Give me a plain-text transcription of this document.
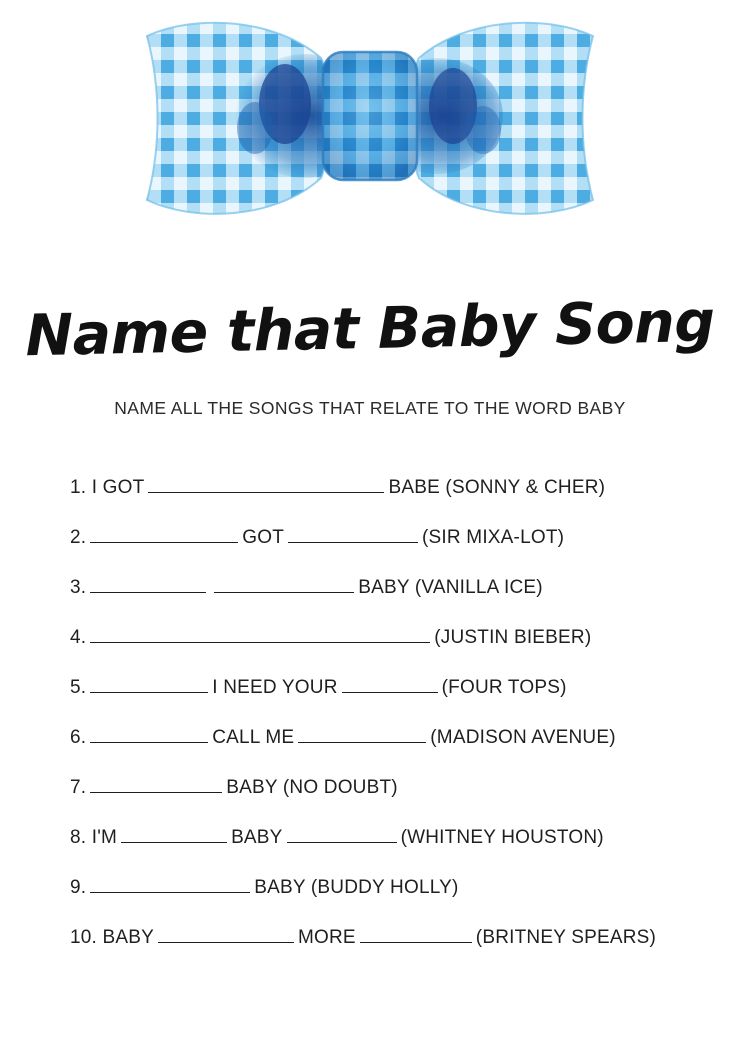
Name that Baby Song
NAME ALL THE SONGS THAT RELATE TO THE WORD BABY
1. I GOT	BABE (SONNY & CHER)
2.	GOT	(SIR MIXA-LOT)
3.	BABY (VANILLA ICE)
4.	(JUSTIN BIEBER)
5.	I NEED YOUR	(FOUR TOPS)
6.	CALL ME	(MADISON AVENUE)
7.	BABY (NO DOUBT)
8. I'M	BABY	(WHITNEY HOUSTON)
9.	BABY (BUDDY HOLLY)
10. BABY	MORE	(BRITNEY SPEARS)
